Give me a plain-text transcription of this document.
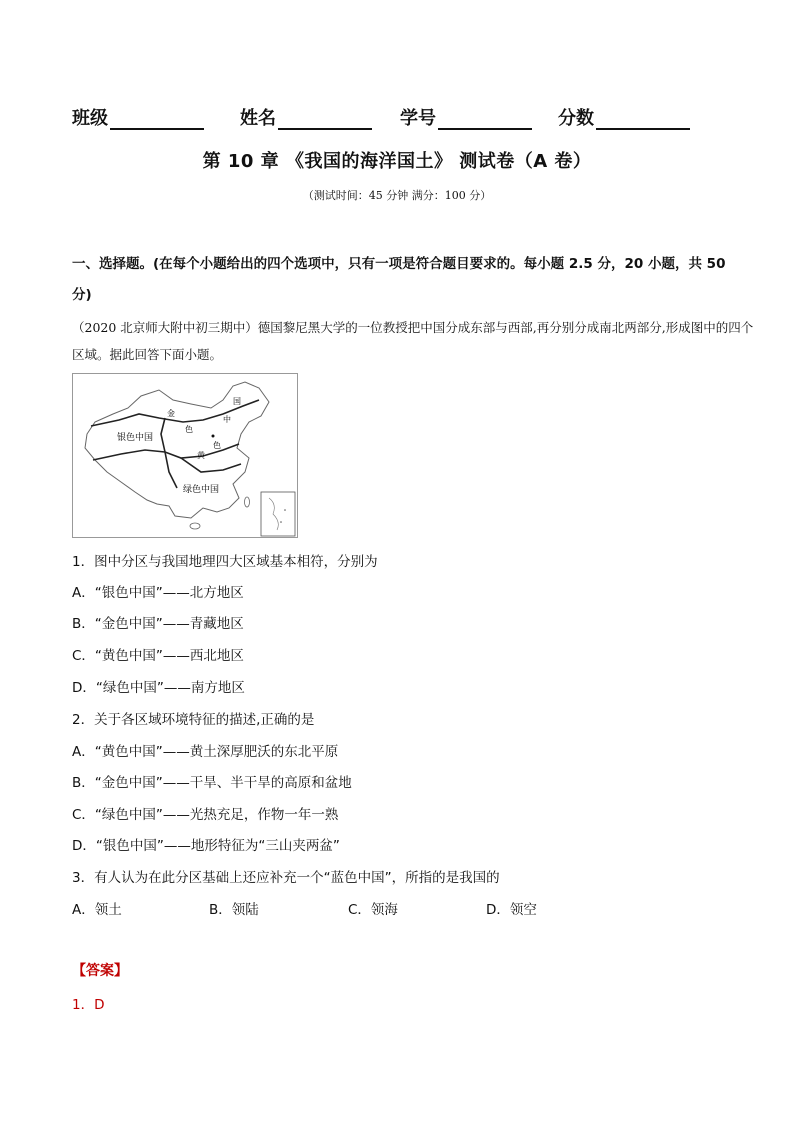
班级	姓名	学号	分数
第 10 章 《我国的海洋国土》 测试卷（A 卷）
（测试时间：45 分钟 满分：100 分）
一、选择题。(在每个小题给出的四个选项中，只有一项是符合题目要求的。每小题 2.5 分，20 小题，共 50 分)
（2020 北京师大附中初三期中）德国黎尼黑大学的一位教授把中国分成东部与西部,再分别分成南北两部分,形成图中的四个区域。据此回答下面小题。
金
色
中
国
银色中国
黄
色
绿色中国
1．图中分区与我国地理四大区域基本相符，分别为
A．“银色中国”——北方地区
B．“金色中国”——青藏地区
C．“黄色中国”——西北地区
D．“绿色中国”——南方地区
2．关于各区域环境特征的描述,正确的是
A．“黄色中国”——黄土深厚肥沃的东北平原
B．“金色中国”——干旱、半干旱的高原和盆地
C．“绿色中国”——光热充足，作物一年一熟
D．“银色中国”——地形特征为“三山夹两盆”
3．有人认为在此分区基础上还应补充一个“蓝色中国”，所指的是我国的
A．领土	B．领陆	C．领海	D．领空
【答案】
1．D
